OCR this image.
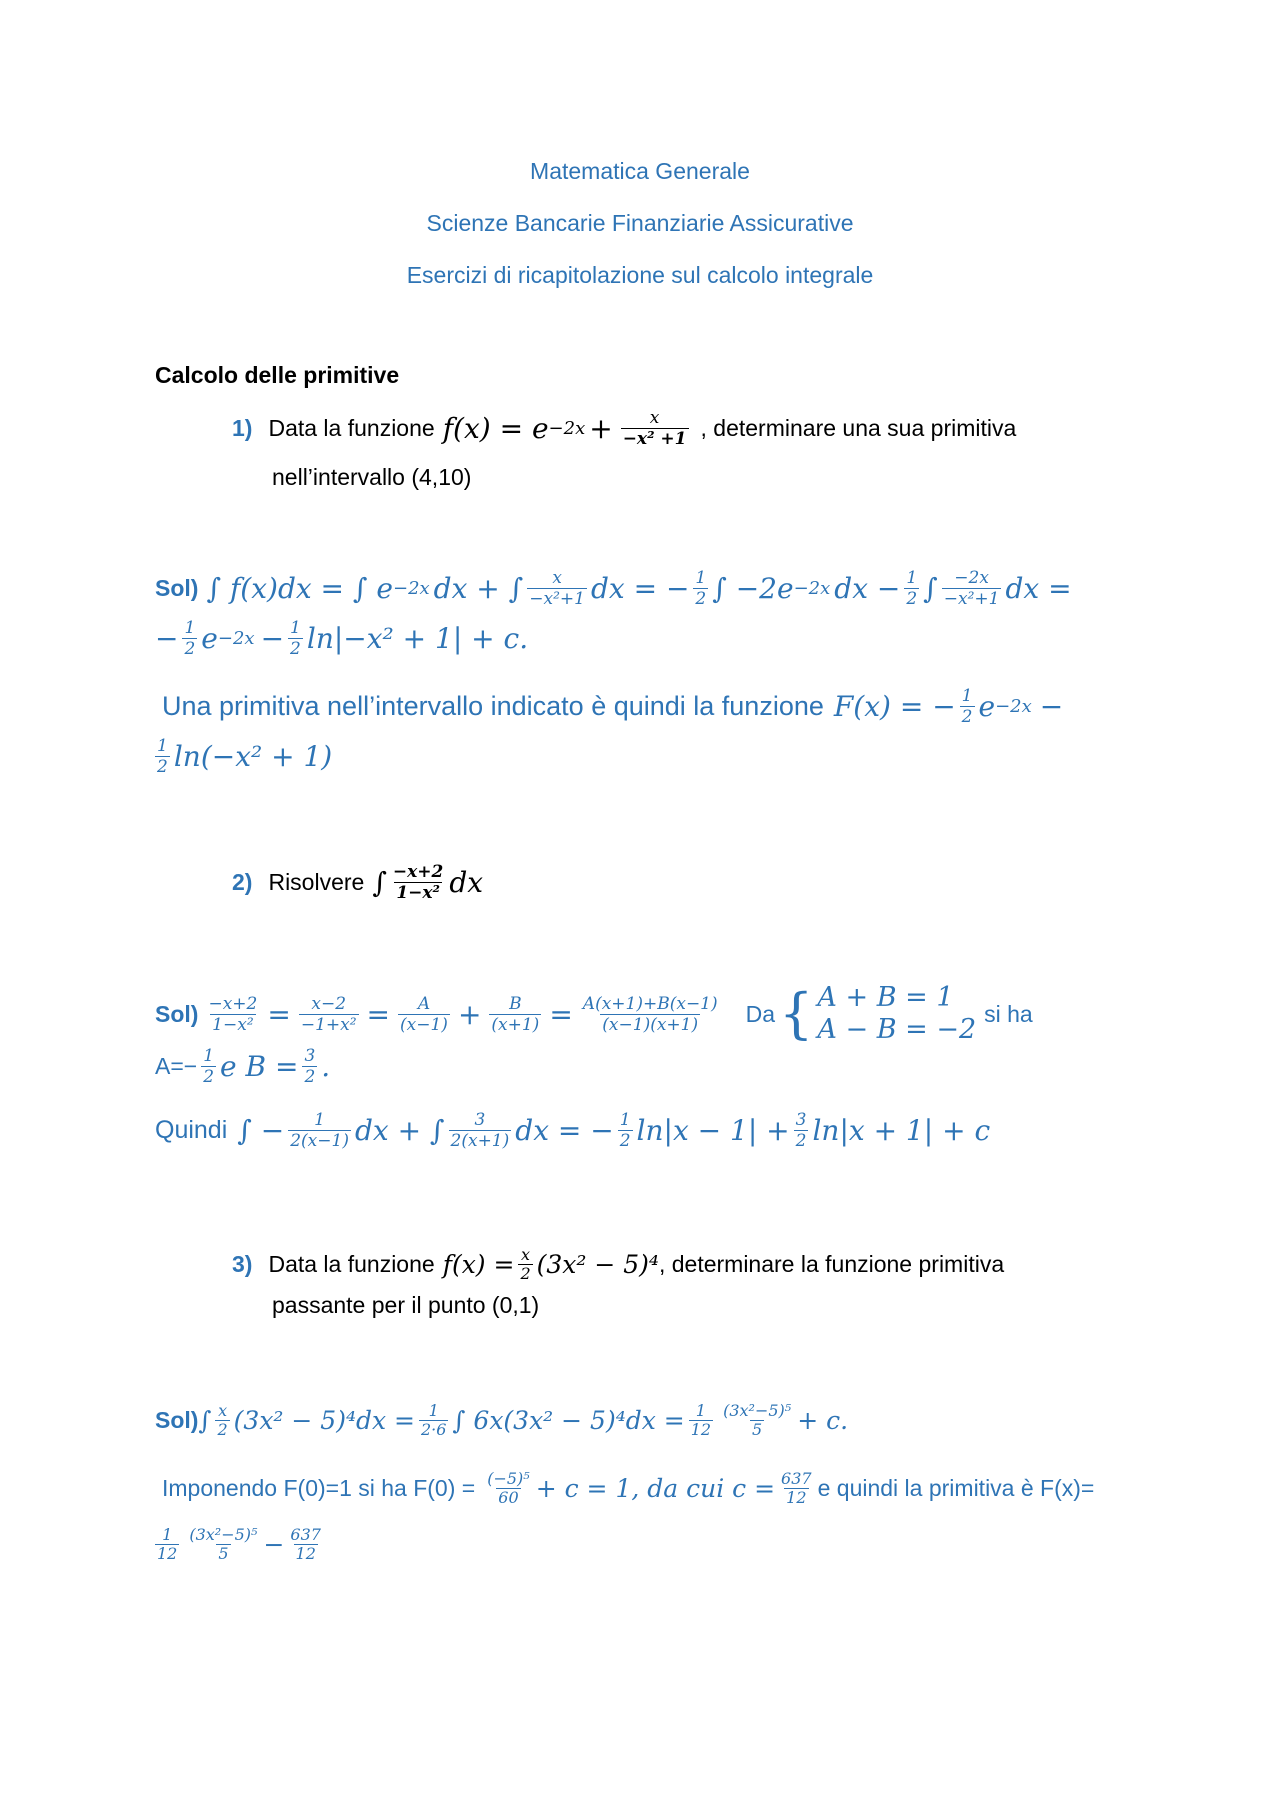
Matematica Generale
Scienze Bancarie Finanziarie Assicurative
Esercizi di ricapitolazione sul calcolo integrale
Calcolo delle primitive
1) Data la funzione $f(x) = e -2x + \frac{x}{\text{−x² +1}}$ , determinare una sua primitiva
nell’intervallo (4,10)
Sol) ∫ f(x)dx = ∫ e −2x dx + ∫ $\frac{x}{\text{−x²+1}}$ dx = − $\frac{1}{2}$ ∫ −2e −2x dx − $\frac{1}{2}$ ∫ $\frac{-2x}{\text{−x²+1}}$ dx =
− $\frac{1}{2}$ $e -2x - \frac{1}{2} \ln|-x^2 + 1| + c$.
Una primitiva nell’intervallo indicato è quindi la funzione F(x) = − $\frac{1}{2}$ e −2x −
$\frac{1}{2} \ln(-x^2 + 1)$
2) Risolvere ∫ $\frac{-x+2}{\text{1−x²}}$ dx
$Sol) \frac{-x+2}{\text{1−x²}} = \frac{x-2}{\text{−1+x²}} = \frac{A}{(x-1)} + \frac{B}{(x+1)} = \frac{A(x+1)+B(x-1)}{(x-1)(x+1)}$ Da { A + B = 1
A − B = −2
si ha
$A=- \frac{1}{2}$ e $B = \frac{3}{2}$ .
Quindi ∫ − $\frac{1}{2(x-1)}$ dx + ∫ $\frac{3}{2(x+1)}$ dx = − $\frac{1}{2} \ln|x - 1| + \frac{3}{2} \ln|x + 1| + c$
3) Data la funzione $f(x) = \frac{x}{2} (3x^2 - 5)^4$ , determinare la funzione primitiva
passante per il punto (0,1)
Sol) ∫ $\frac{x}{2} (3x^2 - 5)^4dx = \frac{1}{2\cdot 6}$ ∫ $6x(3x^2 - 5)^4dx = \frac{1}{12} \frac{\text{(3x²−5)⁵}}{5} + c$.
Imponendo F(0)=1 si ha $F(0) = \frac{\text{(−5)⁵}}{60} + c = 1$, da cui $c = \frac{637}{12}$ e quindi la primitiva è F(x)=
$\frac{1}{12} \frac{\text{(3x²−5)⁵}}{5} - \frac{637}{12}$
